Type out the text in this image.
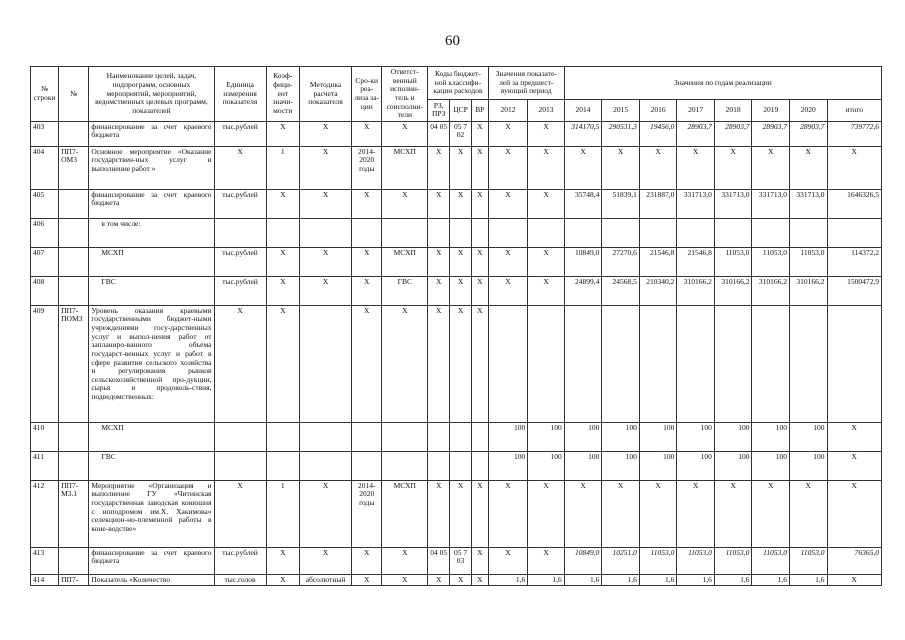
60
№ строки	№	Наименование целей, задач, подпрограмм, основных мероприятий, мероприятий, ведомственных целевых программ, показателей	Единица измерения показателя	Коэф-фици-ент значи-мости	Методика расчета показателя	Сро-ки реа-лиза за-ции	Ответст-венный исполни-тель и соисполни-тели	Коды бюджет-ной классифи-кации расходов			Значения показате-лей за предшест-вующий период		Значения по годам реализации							
								РЗ, ПРЗ	ЦСР	ВР	2012	2013	2014	2015	2016	2017	2018	2019	2020	итого
403		финансирование за счет краевого бюджета	тыс.рублей	X	X	X	X	04 05	05 7 02	X	X	X	314170,5	290531,3	19456,0	28903,7	28903,7	28903,7	28903,7	739772,6
404	ПП7-ОМ3	Основное мероприятие «Оказание государствен-ных услуг и выполнение работ »	X	1	X	2014-2020 годы	МСХП	X	X	X	X	X	X	X	X	X	X	X	X	X
405		финансирование за счет краевого бюджета	тыс.рублей	X	X	X	X	X	X	X	X	X	35748,4	51839,1	231887,0	331713,0	331713,0	331713,0	331713,0	1646326,5
406		в том числе:																		
407		МСХП	тыс.рублей	X	X	X	МСХП	X	X	X	X	X	10849,0	27270,6	21546,8	21546,8	11053,0	11053,0	11053,0	114372,2
408		ГВС	тыс.рублей	X	X	X	ГВС	X	X	X	X	X	24899,4	24568,5	210340,2	310166,2	310166,2	310166,2	310166,2	1500472,9
409	ПП7-ПОМ3	Уровень оказания краевыми государственными бюджет-ными учреждениями госу-дарственных услуг и выпол-нения работ от запланиро-ванного объема государст-венных услуг и работ в сфере развития сельского хозяйства и регулирования рынков сельскохозяйственной про-дукции, сырья и продоволь-ствия, подведомственных:	X	X		X	X	X	X	X										
410		МСХП									100	100	100	100	100	100	100	100	100	X
411		ГВС									100	100	100	100	100	100	100	100	100	X
412	ПП7-М3.1	Мероприятие «Организация и выполнение ГУ «Читинская государственная заводская конюшня с ипподромом им.Х. Хакимова» селекцион-но-племенной работы в коне-водстве»	X	1	X	2014-2020 годы	МСХП	X	X	X	X	X	X	X	X	X	X	X	X	X
413		финансирование за счет краевого бюджета	тыс.рублей	X	X	X	X	04 05	05 7 03	X	X	X	10849,0	10251,0	11053,0	11053,0	11053,0	11053,0	11053,0	76365,0
414	ПП7-	Показатель «Количество	тыс.голов	X	абсолютный	X	X	X	X	X	1,6	1,6	1,6	1,6	1,6	1,6	1,6	1,6	1,6	X
